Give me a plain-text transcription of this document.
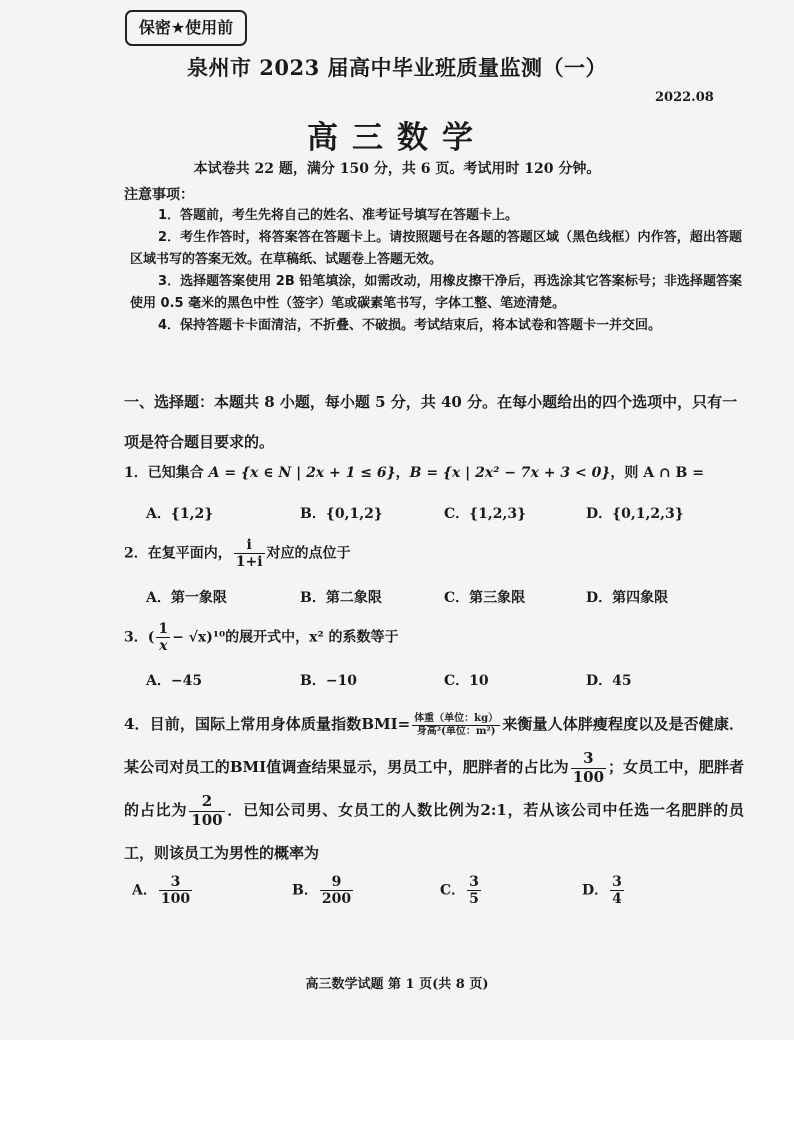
保密★使用前
泉州市 2023 届高中毕业班质量监测（一）
2022.08
高三数学
本试卷共 22 题，满分 150 分，共 6 页。考试用时 120 分钟。
注意事项：

1．答题前，考生先将自己的姓名、准考证号填写在答题卡上。

2．考生作答时，将答案答在答题卡上。请按照题号在各题的答题区域（黑色线框）内作答，超出答题区域书写的答案无效。在草稿纸、试题卷上答题无效。

3．选择题答案使用 2B 铅笔填涂，如需改动，用橡皮擦干净后，再选涂其它答案标号；非选择题答案使用 0.5 毫米的黑色中性（签字）笔或碳素笔书写，字体工整、笔迹清楚。

4．保持答题卡卡面清洁，不折叠、不破损。考试结束后，将本试卷和答题卡一并交回。

一、选择题：本题共 8 小题，每小题 5 分，共 40 分。在每小题给出的四个选项中，只有一项是符合题目要求的。
1．已知集合 A = {x ∈ N | 2x + 1 ≤ 6}，B = {x | 2x² − 7x + 3 < 0}，则 A ∩ B =
A．{1,2}	B．{0,1,2}	C．{1,2,3}	D．{0,1,2,3}
2．在复平面内， $\frac{i}{1+i}$ 对应的点位于
A．第一象限	B．第二象限	C．第三象限	D．第四象限
3．( $\frac{1}{x} - √x)^{10}$的展开式中，x² 的系数等于
A．−45	B．−10	C．10	D．45
4．目前，国际上常用身体质量指数$BMI= \frac{\text{体重（单位：kg）}}{\text{身高²(单位：m²)}}$ 来衡量人体胖瘦程度以及是否健康．某公司对员工的BMI值调查结果显示，男员工中，肥胖者的占比为 $\frac{3}{100}$ ；女员工中，肥胖者的占比为 $\frac{2}{100}$ ．已知公司男、女员工的人数比例为2:1，若从该公司中任选一名肥胖的员工，则该员工为男性的概率为
A． $\frac{3}{100}$	B． $\frac{9}{200}$	C． $\frac{3}{5}$	D． $\frac{3}{4}$
高三数学试题 第 1 页(共 8 页)
